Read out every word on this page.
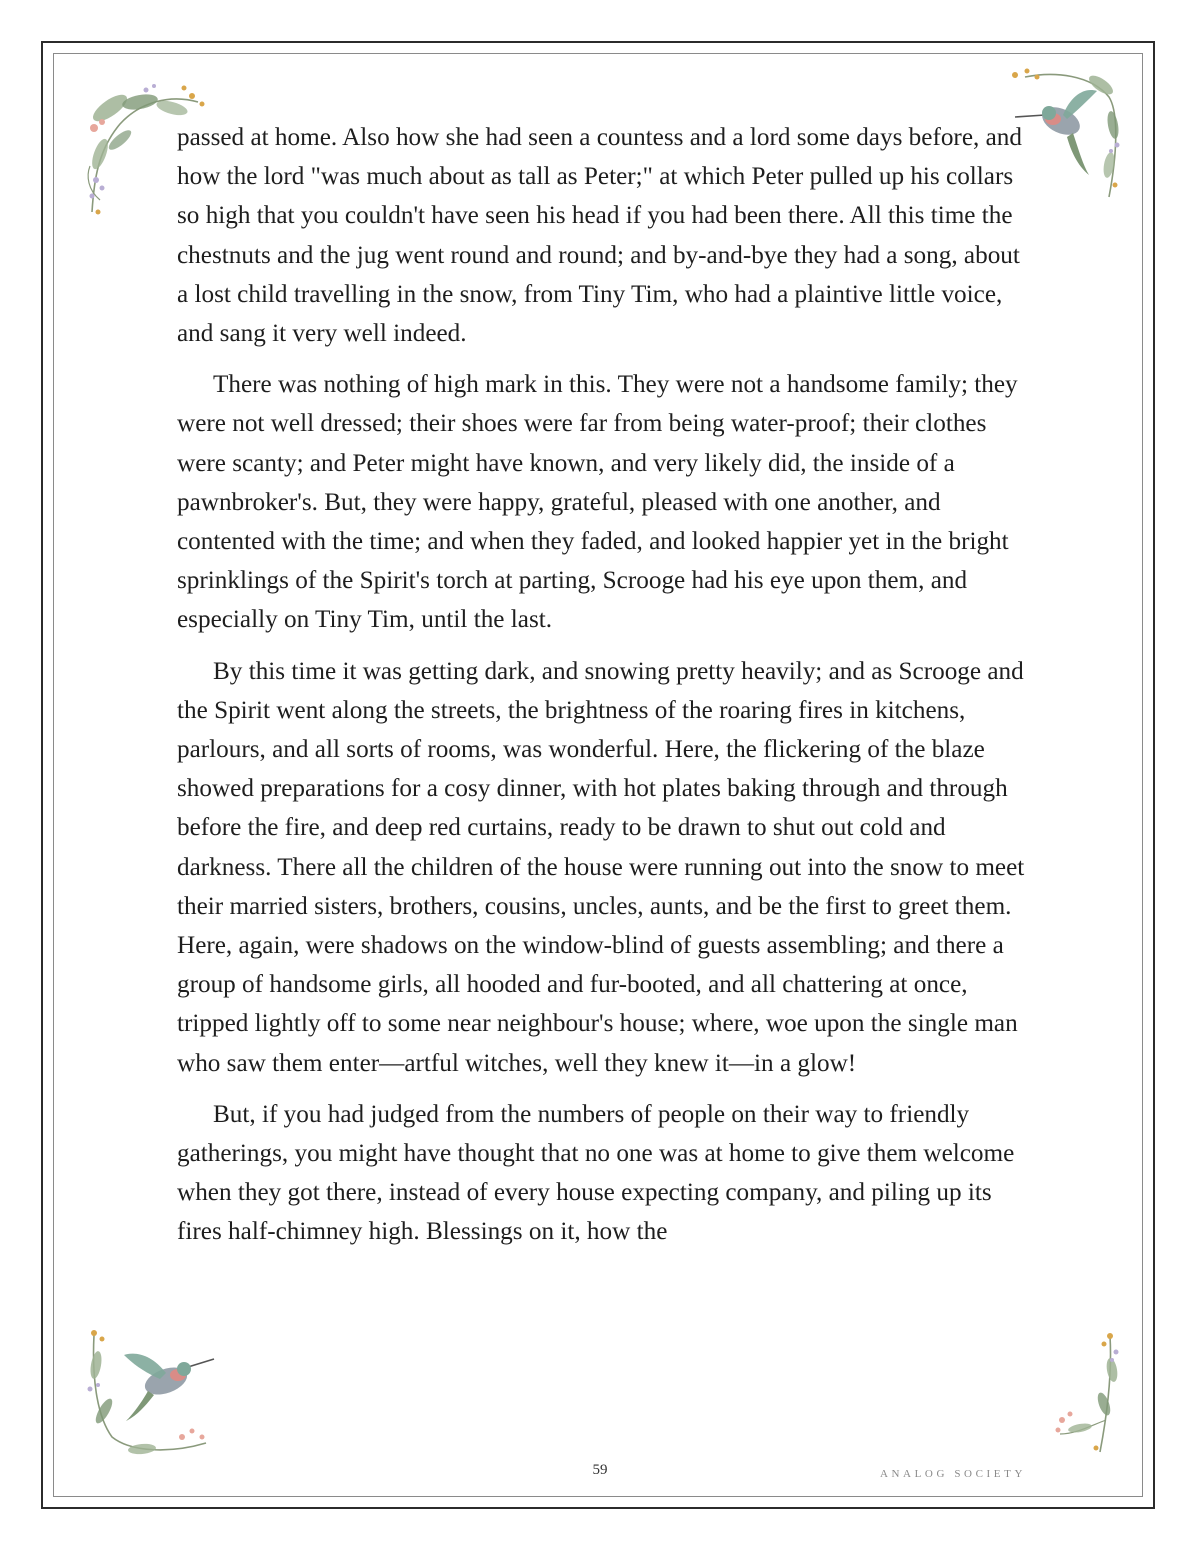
passed at home. Also how she had seen a countess and a lord some days before, and how the lord "was much about as tall as Peter;" at which Peter pulled up his collars so high that you couldn't have seen his head if you had been there. All this time the chestnuts and the jug went round and round; and by-and-bye they had a song, about a lost child travelling in the snow, from Tiny Tim, who had a plaintive little voice, and sang it very well indeed.

There was nothing of high mark in this. They were not a handsome family; they were not well dressed; their shoes were far from being water-proof; their clothes were scanty; and Peter might have known, and very likely did, the inside of a pawnbroker's. But, they were happy, grateful, pleased with one another, and contented with the time; and when they faded, and looked happier yet in the bright sprinklings of the Spirit's torch at parting, Scrooge had his eye upon them, and especially on Tiny Tim, until the last.

By this time it was getting dark, and snowing pretty heavily; and as Scrooge and the Spirit went along the streets, the brightness of the roaring fires in kitchens, parlours, and all sorts of rooms, was wonderful. Here, the flickering of the blaze showed preparations for a cosy dinner, with hot plates baking through and through before the fire, and deep red curtains, ready to be drawn to shut out cold and darkness. There all the children of the house were running out into the snow to meet their married sisters, brothers, cousins, uncles, aunts, and be the first to greet them. Here, again, were shadows on the window-blind of guests assembling; and there a group of handsome girls, all hooded and fur-booted, and all chattering at once, tripped lightly off to some near neighbour's house; where, woe upon the single man who saw them enter—artful witches, well they knew it—in a glow!

But, if you had judged from the numbers of people on their way to friendly gatherings, you might have thought that no one was at home to give them welcome when they got there, instead of every house expecting company, and piling up its fires half-chimney high. Blessings on it, how the

59	ANALOG SOCIETY
